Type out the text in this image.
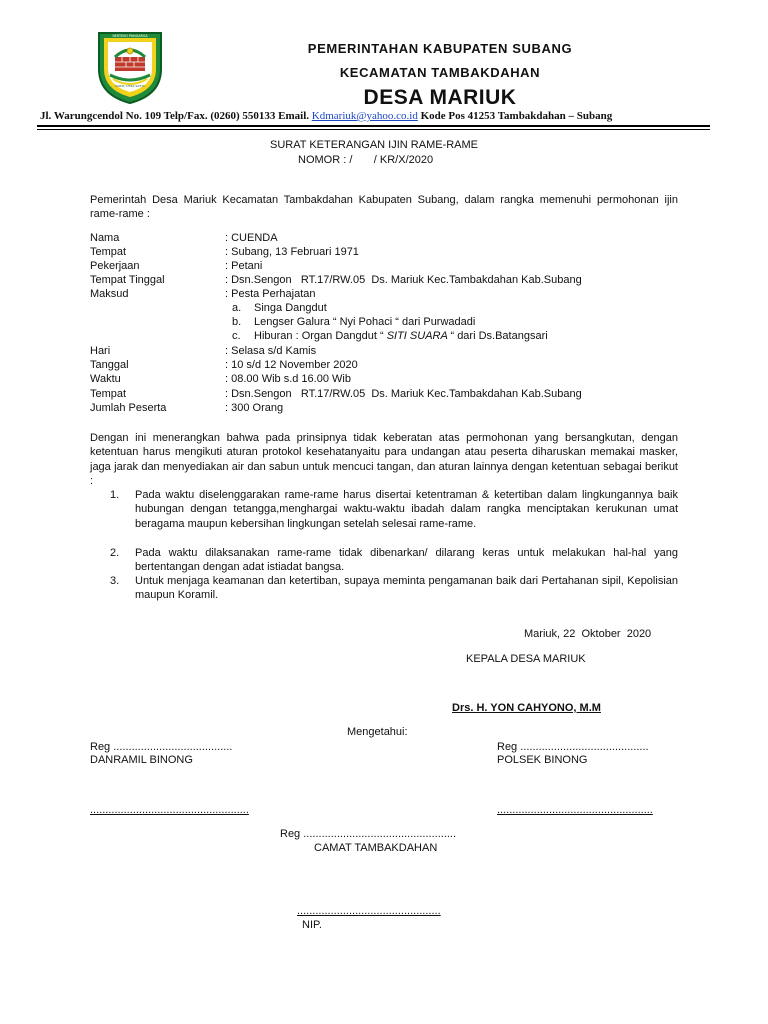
BERTEKO PANGARSA
KARTA CITRA SATYA
PEMERINTAHAN KABUPATEN SUBANG
KECAMATAN TAMBAKDAHAN
DESA MARIUK
Jl. Warungcendol No. 109 Telp/Fax. (0260) 550133 Email. Kdmariuk@yahoo.co.id Kode Pos 41253 Tambakdahan – Subang
SURAT KETERANGAN IJIN RAME-RAME
NOMOR : /       / KR/X/2020
Pemerintah Desa Mariuk Kecamatan Tambakdahan Kabupaten Subang, dalam rangka memenuhi permohonan ijin rame-rame :
Nama	: CUENDA
Tempat	: Subang, 13 Februari 1971
Pekerjaan	: Petani
Tempat Tinggal	: Dsn.Sengon   RT.17/RW.05  Ds. Mariuk Kec.Tambakdahan Kab.Subang
Maksud	: Pesta Perhajatan
a. Singa Dangdut
b. Lengser Galura “ Nyi Pohaci “ dari Purwadadi
c. Hiburan : Organ Dangdut “ SITI SUARA “ dari Ds.Batangsari
Hari	: Selasa s/d Kamis
Tanggal	: 10 s/d 12 November 2020
Waktu	: 08.00 Wib s.d 16.00 Wib
Tempat	: Dsn.Sengon   RT.17/RW.05  Ds. Mariuk Kec.Tambakdahan Kab.Subang
Jumlah Peserta	: 300 Orang
Dengan ini menerangkan bahwa pada prinsipnya tidak keberatan atas permohonan yang bersangkutan, dengan ketentuan harus mengikuti aturan protokol kesehatanyaitu para undangan atau peserta diharuskan memakai masker, jaga jarak dan menyediakan air dan sabun untuk mencuci tangan, dan aturan lainnya dengan ketentuan sebagai berikut :
1. Pada waktu diselenggarakan rame-rame harus disertai ketentraman & ketertiban dalam lingkungannya baik hubungan dengan tetangga,menghargai waktu-waktu ibadah dalam rangka menciptakan kerukunan umat beragama maupun kebersihan lingkungan setelah selesai rame-rame.
2. Pada waktu dilaksanakan rame-rame tidak dibenarkan/ dilarang keras untuk melakukan hal-hal yang bertentangan dengan adat istiadat bangsa.
3. Untuk menjaga keamanan dan ketertiban, supaya meminta pengamanan baik dari Pertahanan sipil, Kepolisian maupun Koramil.
Mariuk, 22  Oktober  2020
KEPALA DESA MARIUK
Drs. H. YON CAHYONO, M.M
Mengetahui:
Reg .......................................
DANRAMIL BINONG
Reg ..........................................
POLSEK BINONG
....................................................	...................................................
Reg ..................................................
CAMAT TAMBAKDAHAN
...............................................
NIP.
